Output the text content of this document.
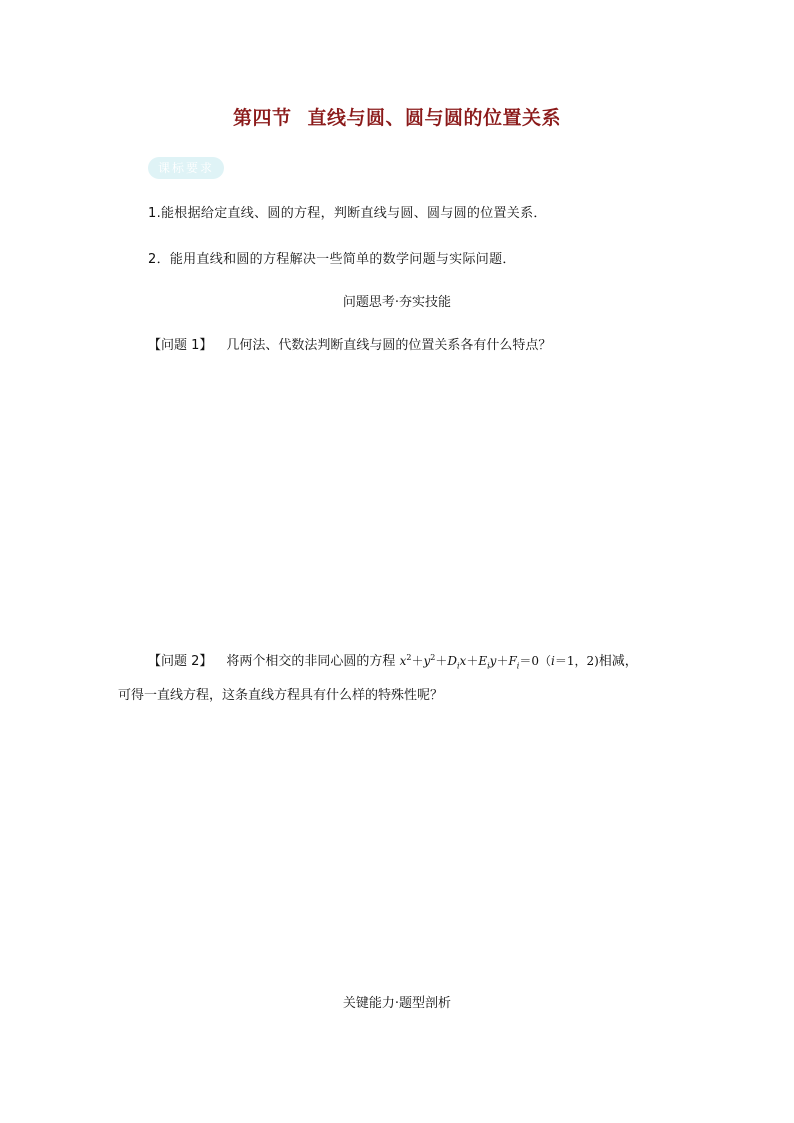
第四节 直线与圆、圆与圆的位置关系
课标要求
1.能根据给定直线、圆的方程，判断直线与圆、圆与圆的位置关系．
2．能用直线和圆的方程解决一些简单的数学问题与实际问题．
问题思考·夯实技能
【问题 1】 几何法、代数法判断直线与圆的位置关系各有什么特点？
【问题 2】 将两个相交的非同心圆的方程 $x^2+y^2+D_ix+E_iy+F_i=0(i=1$，2)相减，
可得一直线方程，这条直线方程具有什么样的特殊性呢？
关键能力·题型剖析
